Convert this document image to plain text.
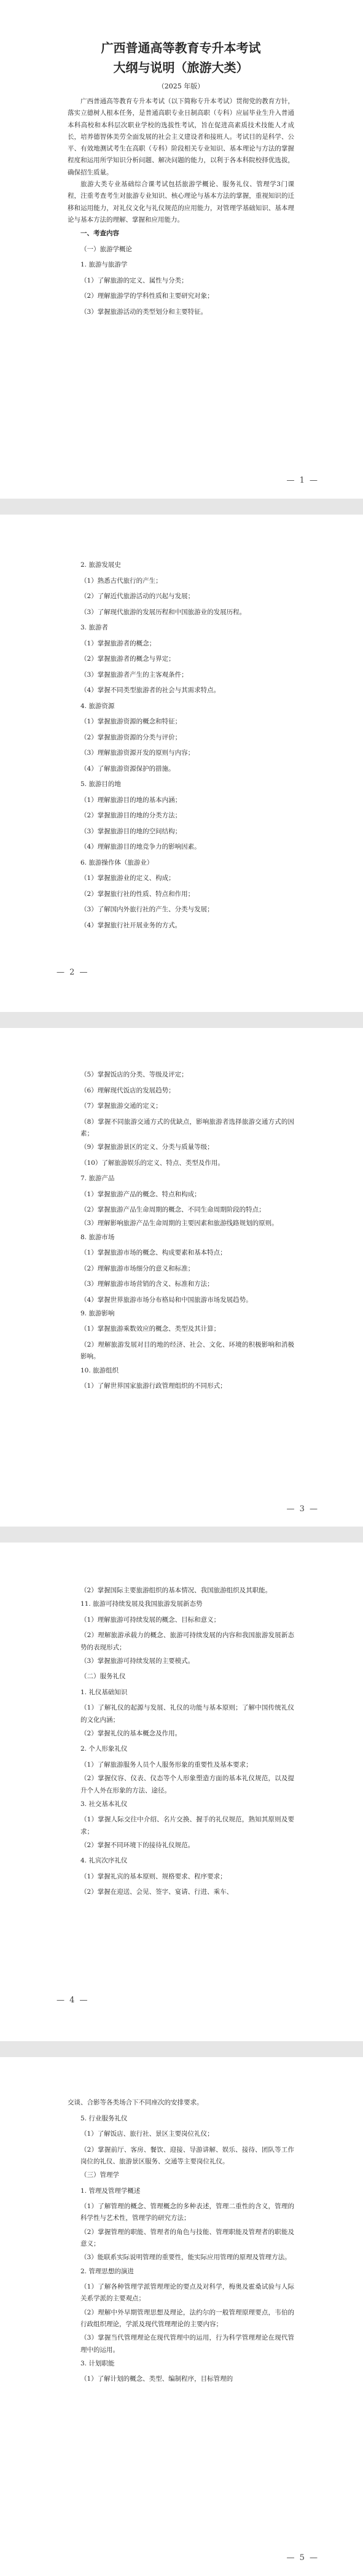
广西普通高等教育专升本考试
大纲与说明（旅游大类）

（2025 年版）

广西普通高等教育专升本考试（以下简称专升本考试）贯彻党的教育方针，落实立德树人根本任务，是普通高职专业日制高职（专科）应届毕业生升入普通本科高校和本科层次职业学校的选拔性考试，旨在促进高素质技术技能人才成长，培养德智体美劳全面发展的社会主义建设者和接班人。考试目的是科学、公平、有效地测试考生在高职（专科）阶段相关专业知识、基本理论与方法的掌握程度和运用所学知识分析问题、解决问题的能力，以利于各本科院校择优选拔，确保招生质量。

旅游大类专业基础综合课考试包括旅游学概论、服务礼仪、管理学3门课程，注重考查考生对旅游专业知识、核心理论与基本方法的掌握，重视知识的迁移和运用能力，对礼仪文化与礼仪规范的应用能力，对管理学基础知识、基本理论与基本方法的理解、掌握和应用能力。

一、考查内容

（一）旅游学概论

1. 旅游与旅游学

（1）了解旅游的定义、属性与分类；

（2）理解旅游学的学科性质和主要研究对象；

（3）掌握旅游活动的类型划分和主要特征。

— 1 —

2. 旅游发展史

（1）熟悉古代旅行的产生；

（2）了解近代旅游活动的兴起与发展；

（3）了解现代旅游的发展历程和中国旅游业的发展历程。

3. 旅游者

（1）掌握旅游者的概念；

（2）掌握旅游者的概念与界定；

（3）掌握旅游者产生的主客观条件；

（4）掌握不同类型旅游者的社会与其需求特点。

4. 旅游资源

（1）掌握旅游资源的概念和特征；

（2）掌握旅游资源的分类与评价；

（3）理解旅游资源开发的原则与内容；

（4）了解旅游资源保护的措施。

5. 旅游目的地

（1）理解旅游目的地的基本内涵；

（2）掌握旅游目的地的分类方法；

（3）掌握旅游目的地的空间结构；

（4）理解旅游目的地竞争力的影响因素。

6. 旅游操作体（旅游业）

（1）掌握旅游业的定义、构成；

（2）掌握旅行社的性质、特点和作用；

（3）了解国内外旅行社的产生、分类与发展；

（4）掌握旅行社开展业务的方式。

— 2 —

（5）掌握饭店的分类、等级及评定；

（6）理解现代饭店的发展趋势；

（7）掌握旅游交通的定义；

（8）掌握不同旅游交通方式的优缺点，影响旅游者选择旅游交通方式的因素；

（9）掌握旅游景区的定义、分类与质量等级；

（10）了解旅游娱乐的定义、特点、类型及作用。

7. 旅游产品

（1）掌握旅游产品的概念、特点和构成；

（2）掌握旅游产品生命周期的概念、不同生命周期阶段的特点；

（3）理解影响旅游产品生命周期的主要因素和旅游线路规划的原则。

8. 旅游市场

（1）掌握旅游市场的概念、构成要素和基本特点；

（2）理解旅游市场细分的意义和标准；

（3）理解旅游市场营销的含义、标准和方法；

（4）掌握世界旅游市场分布格局和中国旅游市场发展趋势。

9. 旅游影响

（1）掌握旅游乘数效应的概念、类型及其计算；

（2）理解旅游发展对目的地的经济、社会、文化、环境的积极影响和消极影响。

10. 旅游组织

（1）了解世界国家旅游行政管理组织的不同形式；

— 3 —

（2）掌握国际主要旅游组织的基本情况、我国旅游组织及其职能。

11. 旅游可持续发展及我国旅游发展新态势

（1）理解旅游可持续发展的概念、目标和意义；

（2）理解旅游承载力的概念、旅游可持续发展的内容和我国旅游发展新态势的表现形式；

（3）掌握旅游可持续发展的主要模式。

（二）服务礼仪

1. 礼仪基础知识

（1）了解礼仪的起源与发展、礼仪的功能与基本原则；了解中国传统礼仪的文化内涵；

（2）掌握礼仪的基本概念及作用。

2. 个人形象礼仪

（1）了解旅游服务人员个人服务形象的重要性及基本要求；

（2）掌握仪容、仪表、仪态等个人形象塑造方面的基本礼仪规范，以及提升个人外在形象的方法、途径。

3. 社交基本礼仪

（1）掌握人际交往中介绍、名片交换、握手的礼仪规范，熟知其原则及要求；

（2）掌握不同环境下的接待礼仪规范。

4. 礼宾次序礼仪

（1）掌握礼宾的基本原则、规格要求、程序要求；

（2）掌握在迎送、会见、签字、宴请、行进、乘车、

— 4 —

交谈、合影等各类场合下不同座次的安排要求。

5. 行业服务礼仪

（1）了解饭店、旅行社、景区主要岗位礼仪；

（2）掌握前厅、客房、餐饮、迎接、导游讲解、娱乐、接待、团队等工作岗位的礼仪、旅游景区服务、交通等主要岗位礼仪。

（三）管理学

1. 管理及管理学概述

（1）了解管理的概念、管理概念的多种表述，管理二重性的含义，管理的科学性与艺术性，管理学的研究方法；

（2）掌握管理的职能、管理者的角色与技能、管理职能及管理者的职能及意义；

（3）能联系实际说明管理的重要性，能实际应用管理的原理及管理方法。

2. 管理思想的演进

（1）了解各种管理学派管理理论的要点及对科学，梅奥及霍桑试验与人际关系学派的主要观点；

（2）理解中外早期管理思想及理论，法约尔的一般管理原理要点，韦伯的行政组织理论，学派及现代管理理论的主要内容；

（3）掌握当代管理理论在现代管理中的运用，行为科学管理理论在现代管理中的运用。

3. 计划职能

（1）了解计划的概念、类型、编制程序，目标管理的

— 5 —
